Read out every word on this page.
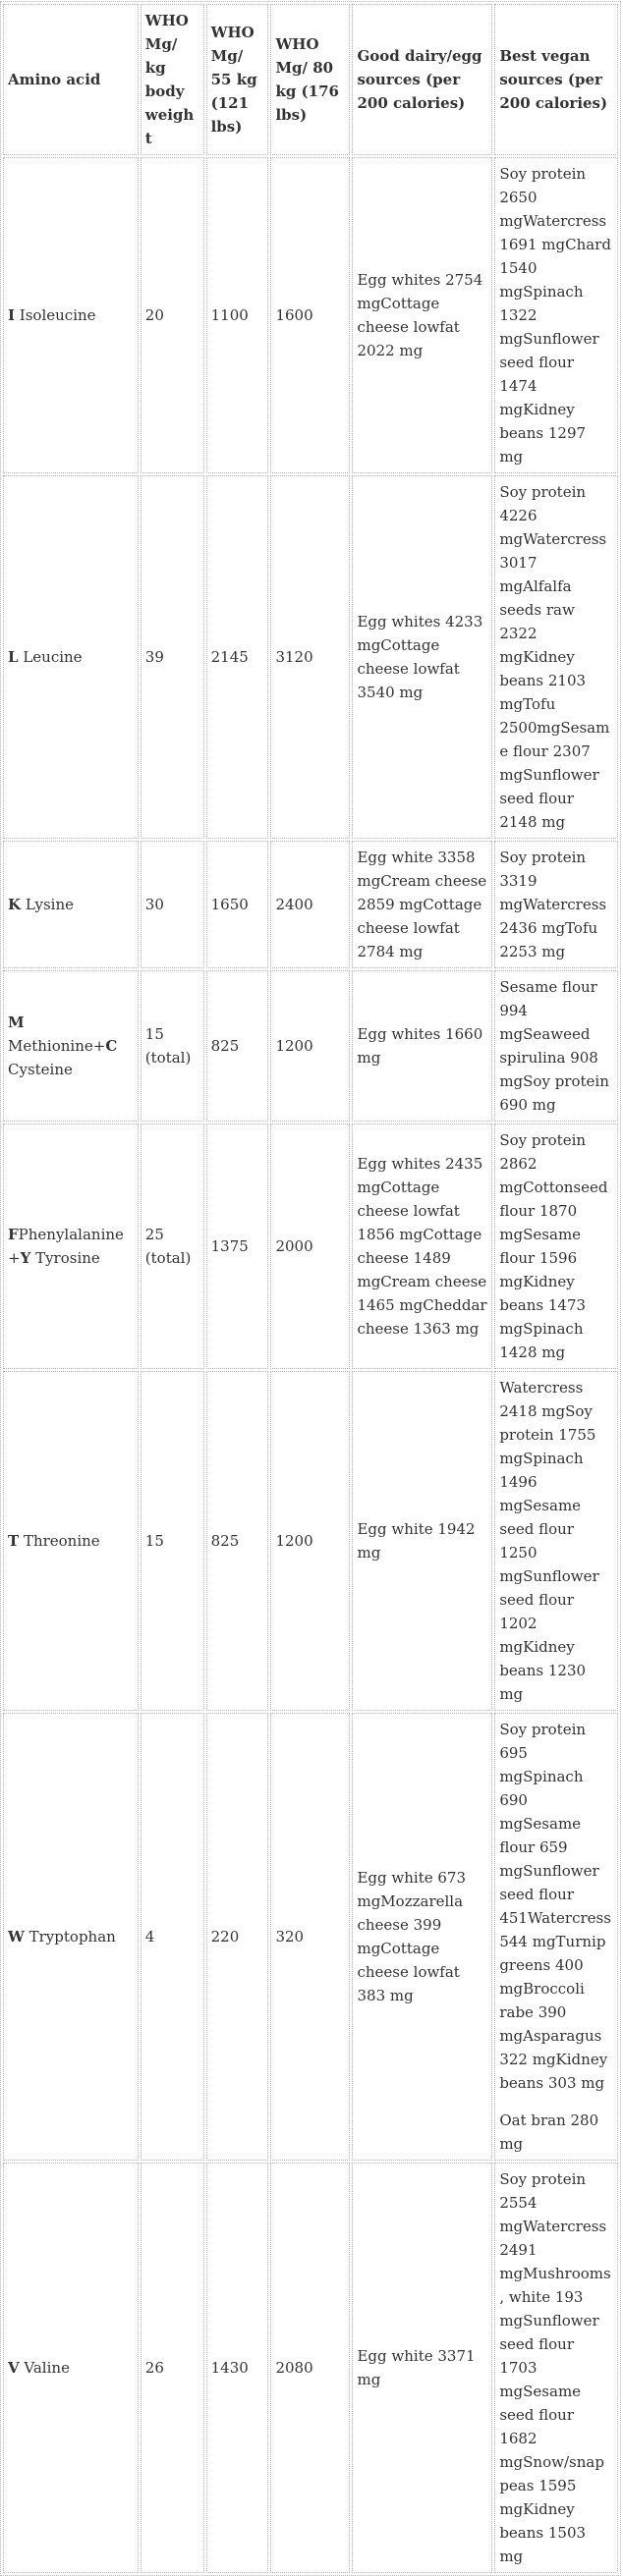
Amino acid	WHO Mg/ kg body weight	WHO Mg/ 55 kg (121 lbs)	WHO Mg/ 80 kg (176 lbs)	Good dairy/egg sources (per 200 calories)	Best vegan sources (per 200 calories)
I Isoleucine	20	1100	1600	Egg whites 2754 mgCottage cheese lowfat 2022 mg	Soy protein 2650 mgWatercress 1691 mgChard 1540 mgSpinach 1322 mgSunflower seed flour 1474 mgKidney beans 1297 mg
L Leucine	39	2145	3120	Egg whites 4233 mgCottage cheese lowfat 3540 mg	Soy protein 4226 mgWatercress 3017 mgAlfalfa seeds raw 2322 mgKidney beans 2103 mgTofu 2500mgSesame flour 2307 mgSunflower seed flour 2148 mg
K Lysine	30	1650	2400	Egg white 3358 mgCream cheese 2859 mgCottage cheese lowfat 2784 mg	Soy protein 3319 mgWatercress 2436 mgTofu 2253 mg
M Methionine+C Cysteine	15 (total)	825	1200	Egg whites 1660 mg	Sesame flour 994 mgSeaweed spirulina 908 mgSoy protein 690 mg
FPhenylalanine+Y Tyrosine	25 (total)	1375	2000	Egg whites 2435 mgCottage cheese lowfat 1856 mgCottage cheese 1489 mgCream cheese 1465 mgCheddar cheese 1363 mg	Soy protein 2862 mgCottonseed flour 1870 mgSesame flour 1596 mgKidney beans 1473 mgSpinach 1428 mg
T Threonine	15	825	1200	Egg white 1942 mg	Watercress 2418 mgSoy protein 1755 mgSpinach 1496 mgSesame seed flour 1250 mgSunflower seed flour 1202 mgKidney beans 1230 mg
W Tryptophan	4	220	320	Egg white 673 mgMozzarella cheese 399 mgCottage cheese lowfat 383 mg	Soy protein 695 mgSpinach 690 mgSesame flour 659 mgSunflower seed flour 451Watercress 544 mgTurnip greens 400 mgBroccoli rabe 390 mgAsparagus 322 mgKidney beans 303 mg
Oat bran 280 mg

V Valine	26	1430	2080	Egg white 3371 mg	Soy protein 2554 mgWatercress 2491 mgMushrooms, white 193 mgSunflower seed flour 1703 mgSesame seed flour 1682 mgSnow/snap peas 1595 mgKidney beans 1503 mg
